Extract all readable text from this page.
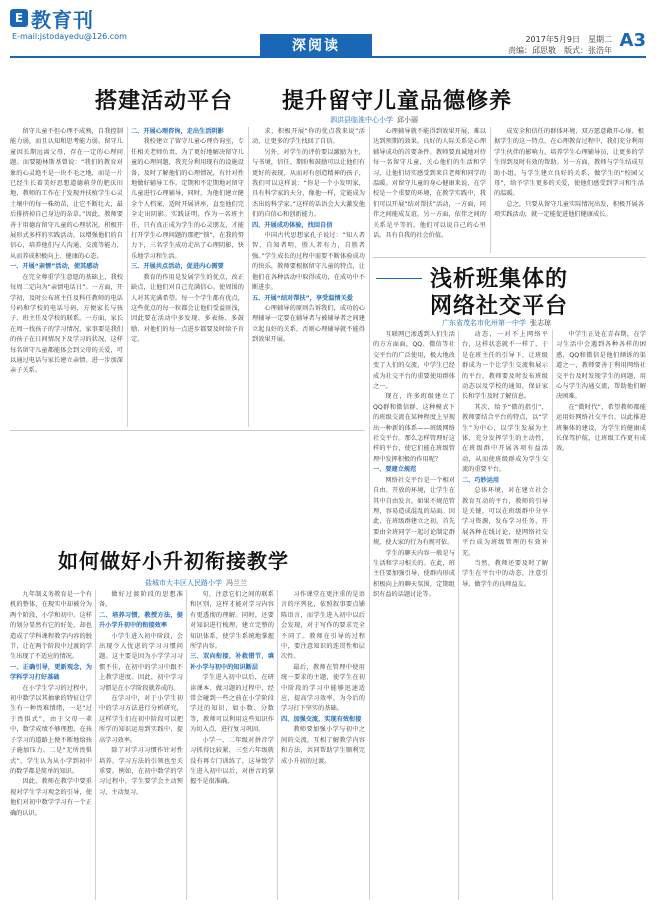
E 教育刊
E-mail:jstodayedu@126.com
深阅读	2017年5月9日　星期二
责编：邱思敬　版式：张浩年 A3
搭建活动平台 提升留守儿童品德修养
泗洪县临淮中心小学 邱小丽

留守儿童不但心理不成熟，自我控制能力弱，而且认知和思考能力弱。留守儿童因长期远离父母，存在一定的心理问题。而要随林斯基曾说：“我们的教育对象的心灵绝不是一块不毛之地，而是一片已经生长着美好思想道德萌芽的肥沃田地，教师的工作在于发现并扶植学生心灵土壤中的每一株幼苗，让它不断壮大，最后排挤掉自己身边的杂草。”因此，教师要善于用德育留守儿童的心理状况，积极开展形式多样的实践活动，以增强他们的自信心，培养他们与人沟通、交流等能力，从而养成积极向上、健康的心态。

一、开展“亲情”活动，使其感动

在完全尊重学生意愿的基础上，我校每周二定向为“亲情电话日”。一方面，开学初，及时公布班主任及科任教师的电话号码和学校的电话号码，方便家长与孩子、班主任及学校的联系。一方面，家长在周一找孩子的学习情况，家事要是我们的孩子在日间情况下及学习的状况，这样每名留守儿童都能体会到父母的关爱，可以通过电话与家长建立亲情、进一步加深亲子关系。

二、开展心理咨询，走出生活阴影

我校建立了留守儿童心理咨询室，专任相关老师负责，为了更好地解决留守儿童的心理问题，我充分利用现有的设施设备，及时了解他们的心理情况，有针对性地做好辅导工作。定期和不定期地对留守儿童进行心理辅导，同时，为他们建立健全个人档案，适时开展讲座，直至他们完全走出阴影。实践证明，作为一名班主任，只有真正成为学生的心灵朋友，才能打开学生心理问题的那把“锁”，在我的努力下，三名学生成功走出了心理阴影，快乐地学习和生活。

三、开展共点活动，促进内心需要

教育的作用是发展学生的优点，改正缺点，让他们对自己充满信心。使周围的人对其充满希望。每一个学生都有优点，这些优点的每一粒都会让他们受益匪浅，因此要在活动中多发现、多表扬、多鼓励，对他们的每一点进步都要及时给予肯定。

求，积极开展“你的优点我来说”活动，让更多的学生找回了自信。

另外，对学生的评价要以激励为主，与书境，信任、期盼和鼓励可以让他们有更好的表现，从而对有创造精神的孩子，我们可以这样说：“你是一个小发明家，具有科学家的天分，像他一样，定能成为杰出的科学家。”这样的话语会大大激发他们的自信心和创新能力。

四、开展成功体验，找回自信

中国古代思想家孔子说过：“知人者智，自知者明，胜人者有力，自胜者强。”学生成长的过程中需要不断体验成功的快乐，教师要根据留守儿童的特点，让他们在各种活动中取得成功，在成功中不断进步。

五、开展“结对帮扶”，享受温情关爱

心理辅导的原则告诉我们，成功的心理辅导一定要在辅导者与被辅导者之间建立起良好的关系，否则心理辅导就不能得到效果开展。

心理辅导就不能得到效果开展，难以达到预期的效果。良好的人际关系是心理辅导成功的首要条件。教师要真诚地对待每一名留守儿童，关心他们的生活和学习，让他们切实感受到来自老师和同学的温暖。对留守儿童的身心健康来说，在学校是一个重要的环境，在教学实践中，我们可以开展“结对帮扶”活动，一方面，同伴之间能成友谊，另一方面，依伴之间的关系是平等的，他们可以说自己的心里话，具有自我的社会价值。

成安全和信任的群体环境，双方愿意敞开心扉、根据学生的这一特点，在心理教育过程中，我们充分利用学生伙伴的影响力，培养学生心理辅导员，让更多的学生得到及时有效的帮助。另一方面，教师与学生结成互助小组，与学生建立良好的关系，做学生的“校园父母”，给予学生更多的关爱，使他们感受到学习和生活的温暖。

总之，只要从留守儿童实际情况出发，积极开展各项实践活动，就一定能促进他们健康成长。

浅析班集体的
网络社交平台
广东省茂名市化州第一中学 张志琼

互联网已渗透到人们生活的方方面面，QQ、微信等社交平台的广泛使用，极大地改变了人们的交流，中学生已经成为社交平台的重要使用群体之一。

现在，许多班级建立了QQ群和微信群，这种模式下的班级交流在某种程度上呈现出一种新的体系——班级网络社交平台。那么怎样管理好这样的平台，使它们能在班级管理中发挥积极的作用呢？

一、要建立规范

网络社交平台是一个相对自由、开放的环境，让学生在其中自由发言，如果不规范管理，容易造成混乱的局面。因此，在班级群建立之初，首先要由全班同学一起讨论制定群规，使大家的行为有规可依。

学生的聊天内容一般是与生活和学习相关的。在此，班主任要加强引导，使群内形成积极向上的聊天氛围，定期组织有益的话题讨论等。

动态，一对不上网络平台，这样状态就不一样了，于是在班主任的引导下，让班级群成为一个让学生交流和展示的平台，教师要及时发布班级动态以及学校的通知，保证家长和学生及时了解信息。

其次，给予“微的指引”，教师要结合平台的特点，以“学生”为中心，以学生发展为主体，充分发挥学生的主动性，在班级群中开展各项有益活动，从而使班级群成为学生交流的重要平台。

二、巧妙运用

总体环境，对在建立社会教育互动的平台，教师的引导是关键，可以在班级群中分享学习资源，发布学习任务，开展各种在线讨论，使网络社交平台成为班级管理的有效补充。

当然，教师还要及时了解学生在平台中的动态，注意引导，做学生的良师益友。

中学生正处在青春期，在学习生活中会遇到各种各样的困惑，QQ和微信是他们倾诉的渠道之一，教师要善于利用网络社交平台及时发现学生的问题，用心与学生沟通交流，帮助他们解决困难。

在“微时代”，希望教师都能运用好网络社交平台，以此推进班集体的建设，为学生的健康成长保驾护航，让班级工作更有成效。

如何做好小升初衔接教学
盐城市大丰区人民路小学 冯兰兰

九年制义务教育是一个有机的整体，在现实中却被分为两个阶段，小学和初中。这样的划分显然有它的好处，却也造成了学科课程教学内容的脱节，让在两个阶段中过渡的学生出现了不适应的情况。

一、正确引导，更新观念，为学科学习打好基础

在小学生学习的过程中，初中数学以其抽象的特征让学生有一种畏难情绪，一是“过于畏惧式”，由于父母一辈中，数学成绩不够理想，在孩子学习的道路上便不断地给孩子施加压力。二是“无所畏惧式”，学生认为从小学到初中的数学都是简单的知识。

因此，教师在教学中要重视对学生学习观念的引导，使他们对初中数学学习有一个正确的认识。

做好过渡阶段的思想准备。

二、培养习惯，教授方法，提升小学升初中的衔接效率

小学生进入初中阶段，会出现令人忧虑的学习习惯问题。这主要是因为小学学习习惯不佳，在初中的学习中跟不上教学进度。因此，初中学习习惯是在小学阶段就养成的。

在学习中，对于小学生初中的学习方法进行分析研究，这样学生们在初中阶段可以把所学的知识运用到实践中，提高学习效率。

除了对学习习惯作针对性培养，学习方法的引领也至关重要。例如，在初中数学的学习过程中，学生要学会主动预习，主动复习。

句，注意它们之间的联系和区别，这样才能对学习内容有更透彻的理解。同时，还要对知识进行梳理，建立完整的知识体系，使学生系统地掌握所学内容。

三、双向衔接，补救错节，填补小学与初中的知识断层

学生进入初中以后，在研读课本、做习题的过程中，经常会碰到一些之前在小学阶段学过的知识，如小数、分数等，教师可以利用这些知识作为切入点，进行复习巩固。

小学一、二年级对拼音学习抓得比较紧，三至六年级就没有再专门训练了，这导致学生进入初中以后，对拼音的掌握不是很准确。

习作课堂在更注重的是语言的序列化，依照叙事要点铺陈语言，而学生进入初中以后会发现，对于写作的要求完全不同了。教师在引导的过程中，要注意知识的连贯性和层次性。

最后，教师在管理中使用统一要求的主题，使学生在初中阶段的学习中能够迅速适应，提高学习效率，为今后的学习打下坚实的基础。

四、加强交流，实现有效衔接

教师要加强小学与初中之间的交流，互相了解教学内容和方法，共同帮助学生顺利完成小升初的过渡。
